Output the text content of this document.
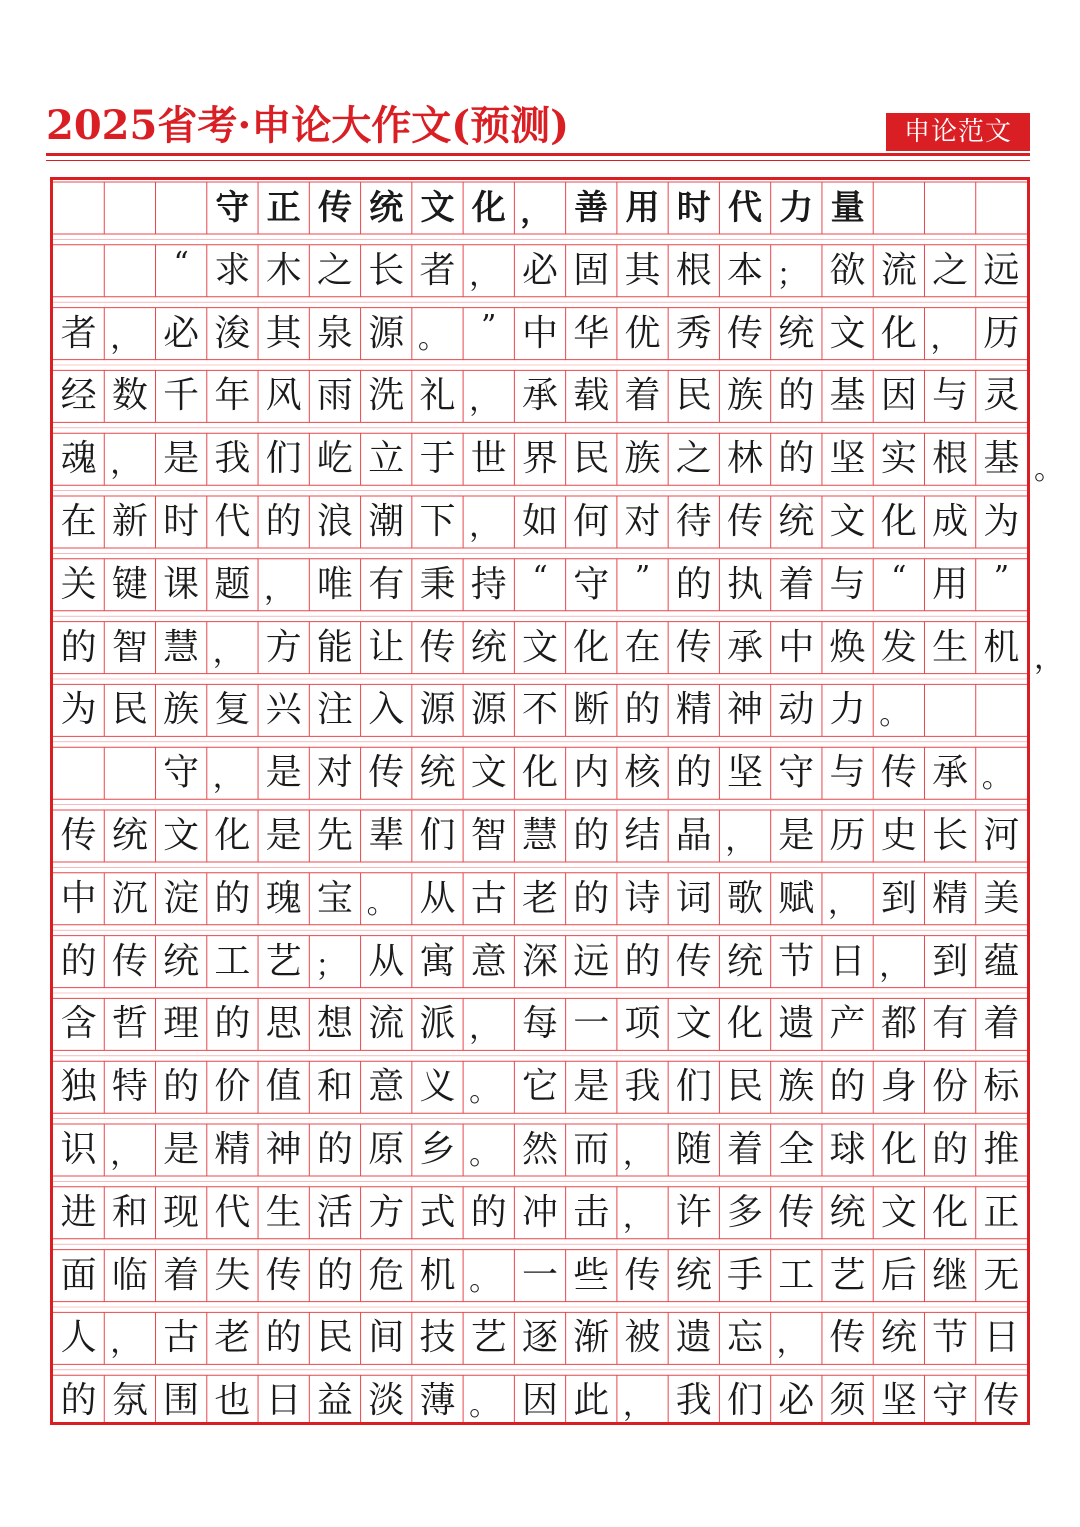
2025省考·申论大作文(预测)	申论范文
守 正 传 统 文 化 ， 善 用 时 代 力 量
“ 求 木 之 长 者 ， 必 固 其 根 本 ； 欲 流 之 远
者 ， 必 浚 其 泉 源 。	” 中 华 优 秀 传 统 文 化 ， 历
经 数 千 年 风 雨 洗 礼 ， 承 载 着 民 族 的 基 因 与 灵
魂 ， 是 我 们 屹 立 于 世 界 民 族 之 林 的 坚 实 根 基
在 新 时 代 的 浪 潮 下 ， 如 何 对 待 传 统 文 化 成 为
关 键 课 题 ， 唯 有 秉 持 “ 守 ” 的 执 着 与 “ 用 ”
的 智 慧 ， 方 能 让 传 统 文 化 在 传 承 中 焕 发 生 机
为 民 族 复 兴 注 入 源 源 不 断 的 精 神 动 力 。
守 ， 是 对 传 统 文 化 内 核 的 坚 守 与 传 承 。
传 统 文 化 是 先 辈 们 智 慧 的 结 晶 ， 是 历 史 长 河
中 沉 淀 的 瑰 宝 。 从 古 老 的 诗 词 歌 赋 ， 到 精 美
的 传 统 工 艺 ； 从 寓 意 深 远 的 传 统 节 日 ， 到 蕴
含 哲 理 的 思 想 流 派 ， 每 一 项 文 化 遗 产 都 有 着
独 特 的 价 值 和 意 义 。 它 是 我 们 民 族 的 身 份 标
识 ， 是 精 神 的 原 乡 。 然 而 ， 随 着 全 球 化 的 推
进 和 现 代 生 活 方 式 的 冲 击 ， 许 多 传 统 文 化 正
面 临 着 失 传 的 危 机 。 一 些 传 统 手 工 艺 后 继 无
人 ， 古 老 的 民 间 技 艺 逐 渐 被 遗 忘 ， 传 统 节 日
的 氛 围 也 日 益 淡 薄 。 因 此 ， 我 们 必 须 坚 守 传
。
，
